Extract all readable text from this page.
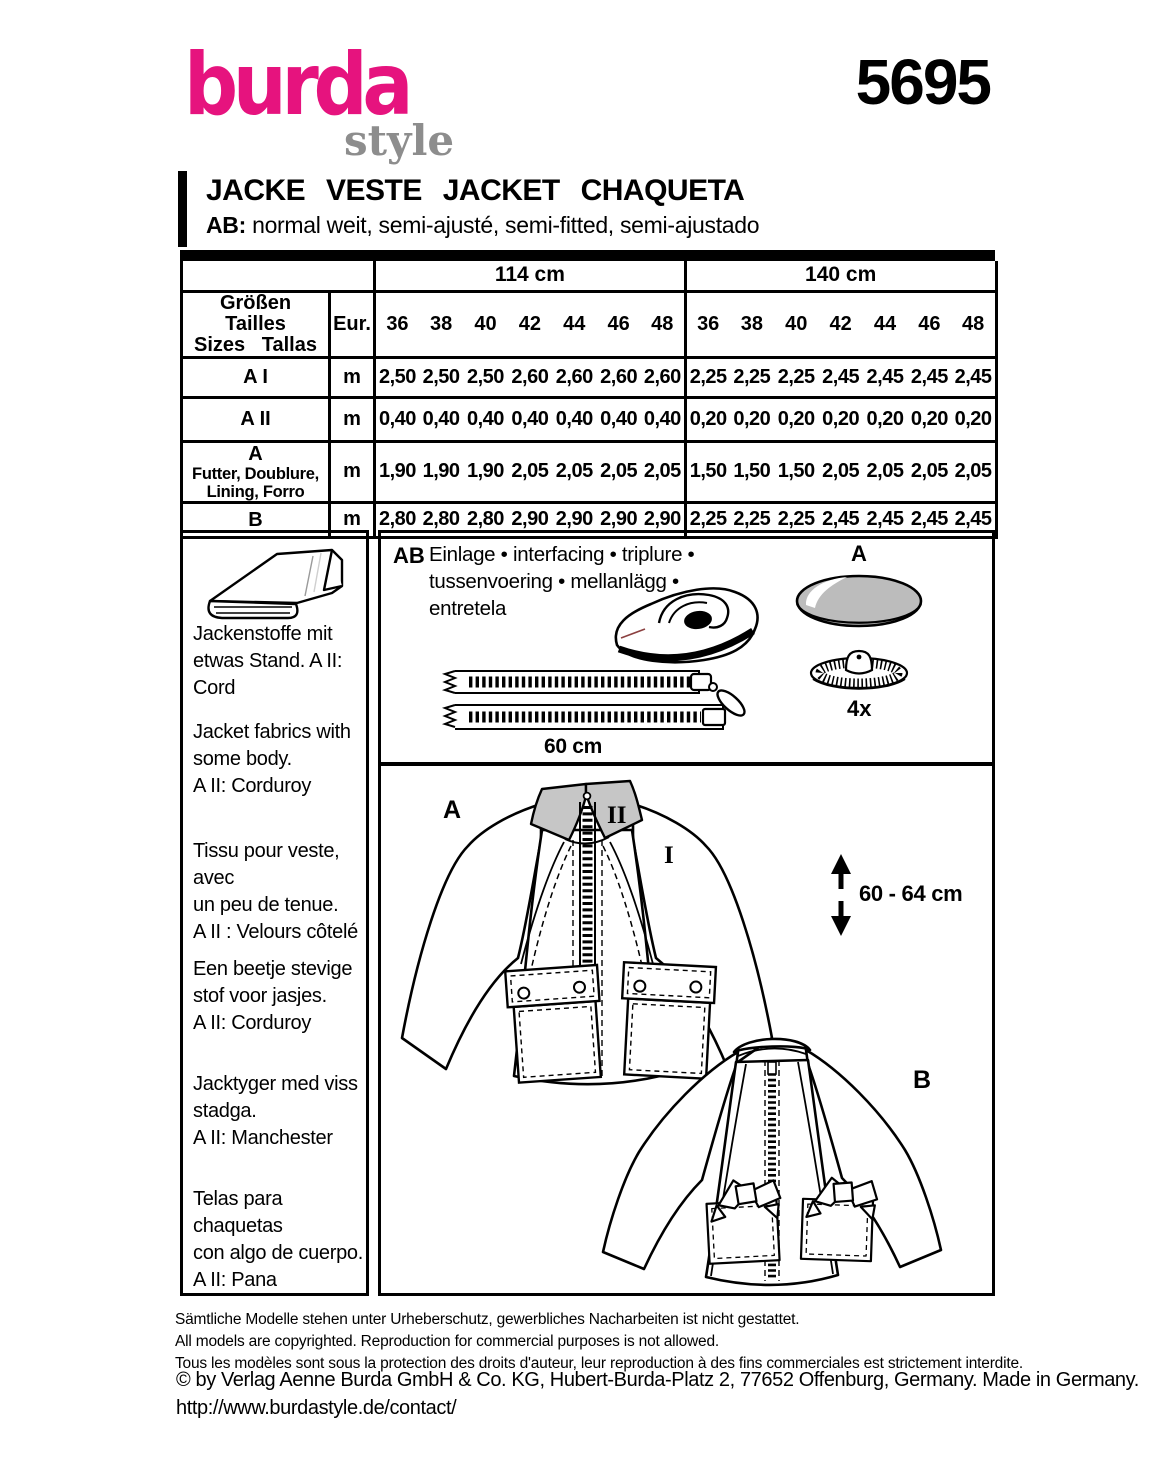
burda
style
5695
JACKE VESTE JACKET CHAQUETA
AB: normal weit, semi-ajusté, semi-fitted, semi-ajustado
		114 cm							140 cm						

Größen Tailles
Sizes Tallas	Eur.	36	38	40	42	44	46	48	36	38	40	42	44	46	48

A I	m	2,50	2,50	2,50	2,60	2,60	2,60	2,60	2,25	2,25	2,25	2,45	2,45	2,45	2,45

A II	m	0,40	0,40	0,40	0,40	0,40	0,40	0,40	0,20	0,20	0,20	0,20	0,20	0,20	0,20

A
Futter, Doublure,
Lining, Forro	m	1,90	1,90	1,90	2,05	2,05	2,05	2,05	1,50	1,50	1,50	2,05	2,05	2,05	2,05

B	m	2,80	2,80	2,80	2,90	2,90	2,90	2,90	2,25	2,25	2,25	2,45	2,45	2,45	2,45
Jackenstoffe mit
etwas Stand. A II: Cord
Jacket fabrics with
some body.
A II: Corduroy
Tissu pour veste, avec
un peu de tenue.
A II : Velours côtelé
Een beetje stevige
stof voor jasjes.
A II: Corduroy
Jacktyger med viss
stadga.
A II: Manchester
Telas para chaquetas
con algo de cuerpo.
A II: Pana
AB Einlage • interfacing • triplure •
tussenvoering • mellanlägg •
entretela
A
4x
60 cm
60 - 64 cm
A	II
I
B
Sämtliche Modelle stehen unter Urheberschutz, gewerbliches Nacharbeiten ist nicht gestattet.
All models are copyrighted. Reproduction for commercial purposes is not allowed.
Tous les modèles sont sous la protection des droits d'auteur, leur reproduction à des fins commerciales est strictement interdite.
© by Verlag Aenne Burda GmbH & Co. KG, Hubert-Burda-Platz 2, 77652 Offenburg, Germany. Made in Germany.
http://www.burdastyle.de/contact/
